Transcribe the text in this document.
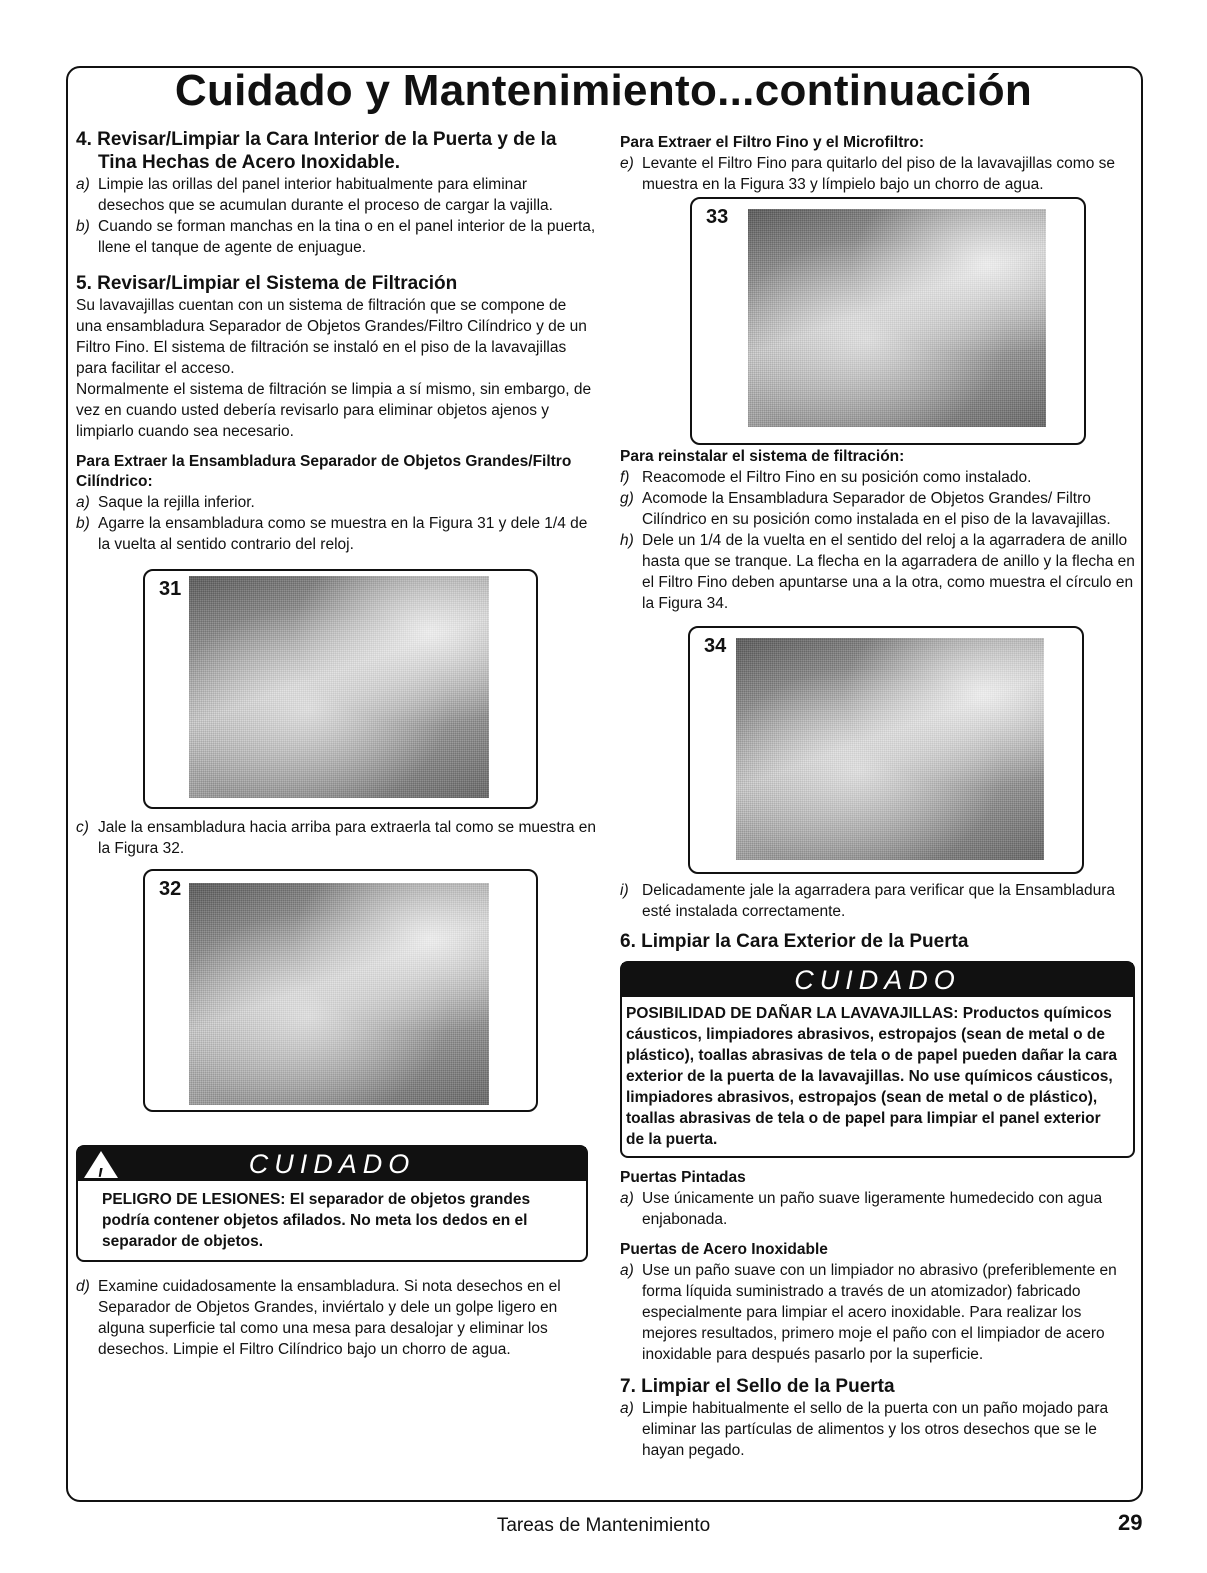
Cuidado y Mantenimiento...continuación
4. Revisar/Limpiar la Cara Interior de la Puerta y de la
Tina Hechas de Acero Inoxidable.

a) Limpie las orillas del panel interior habitualmente para eliminar desechos que se acumulan durante el proceso de cargar la vajilla.

b) Cuando se forman manchas en la tina o en el panel interior de la puerta, llene el tanque de agente de enjuague.

5. Revisar/Limpiar el Sistema de Filtración

Su lavavajillas cuentan con un sistema de filtración que se compone de una ensambladura Separador de Objetos Grandes/Filtro Cilíndrico y de un Filtro Fino. El sistema de filtración se instaló en el piso de la lavavajillas para facilitar el acceso.

Normalmente el sistema de filtración se limpia a sí mismo, sin embargo, de vez en cuando usted debería revisarlo para eliminar objetos ajenos y limpiarlo cuando sea necesario.

Para Extraer la Ensambladura Separador de Objetos Grandes/Filtro Cilíndrico:

a) Saque la rejilla inferior.

b) Agarre la ensambladura como se muestra en la Figura 31 y dele 1/4 de la vuelta al sentido contrario del reloj.

31

c) Jale la ensambladura hacia arriba para extraerla tal como se muestra en la Figura 32.

32
!	CUIDADO
PELIGRO DE LESIONES: El separador de objetos grandes podría contener objetos afilados. No meta los dedos en el separador de objetos.

d) Examine cuidadosamente la ensambladura. Si nota desechos en el Separador de Objetos Grandes, inviértalo y dele un golpe ligero en alguna superficie tal como una mesa para desalojar y eliminar los desechos. Limpie el Filtro Cilíndrico bajo un chorro de agua.

Para Extraer el Filtro Fino y el Microfiltro:

e) Levante el Filtro Fino para quitarlo del piso de la lavavajillas como se muestra en la Figura 33 y límpielo bajo un chorro de agua.

33
Para reinstalar el sistema de filtración:

f) Reacomode el Filtro Fino en su posición como instalado.

g) Acomode la Ensambladura Separador de Objetos Grandes/ Filtro Cilíndrico en su posición como instalada en el piso de la lavavajillas.

h) Dele un 1/4 de la vuelta en el sentido del reloj a la agarradera de anillo hasta que se tranque. La flecha en la agarradera de anillo y la flecha en el Filtro Fino deben apuntarse una a la otra, como muestra el círculo en la Figura 34.

34

i) Delicadamente jale la agarradera para verificar que la Ensambladura esté instalada correctamente.

6. Limpiar la Cara Exterior de la Puerta
CUIDADO
POSIBILIDAD DE DAÑAR LA LAVAVAJILLAS: Productos químicos cáusticos, limpiadores abrasivos, estropajos (sean de metal o de plástico), toallas abrasivas de tela o de papel pueden dañar la cara exterior de la puerta de la lavavajillas. No use químicos cáusticos, limpiadores abrasivos, estropajos (sean de metal o de plástico), toallas abrasivas de tela o de papel para limpiar el panel exterior de la puerta.
Puertas Pintadas

a) Use únicamente un paño suave ligeramente humedecido con agua enjabonada.

Puertas de Acero Inoxidable

a) Use un paño suave con un limpiador no abrasivo (preferiblemente en forma líquida suministrado a través de un atomizador) fabricado especialmente para limpiar el acero inoxidable. Para realizar los mejores resultados, primero moje el paño con el limpiador de acero inoxidable para después pasarlo por la superficie.

7. Limpiar el Sello de la Puerta

a) Limpie habitualmente el sello de la puerta con un paño mojado para eliminar las partículas de alimentos y los otros desechos que se le hayan pegado.

Tareas de Mantenimiento	29
